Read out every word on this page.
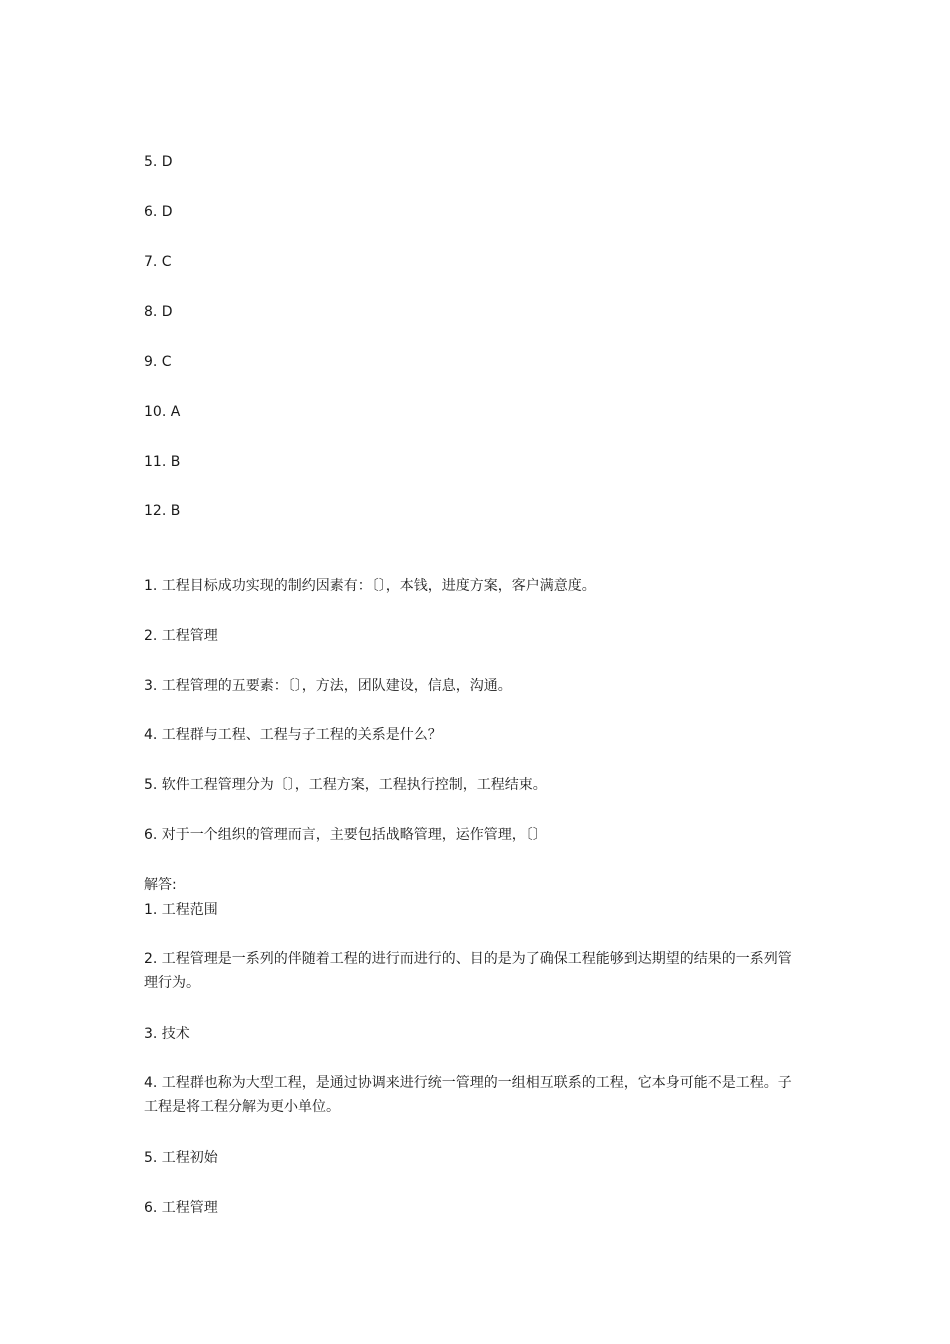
5. D

6. D

7. C

8. D

9. C

10. A

11. B

12. B

1. 工程目标成功实现的制约因素有：〔〕，本钱，进度方案，客户满意度。

2. 工程管理

3. 工程管理的五要素：〔〕，方法，团队建设，信息，沟通。

4. 工程群与工程、工程与子工程的关系是什么？

5. 软件工程管理分为〔〕，工程方案，工程执行控制，工程结束。

6. 对于一个组织的管理而言，主要包括战略管理，运作管理，〔〕

解答:

1. 工程范围

2. 工程管理是一系列的伴随着工程的进行而进行的、目的是为了确保工程能够到达期望的结果的一系列管理行为。

3. 技术

4. 工程群也称为大型工程，是通过协调来进行统一管理的一组相互联系的工程，它本身可能不是工程。子工程是将工程分解为更小单位。

5. 工程初始

6. 工程管理
